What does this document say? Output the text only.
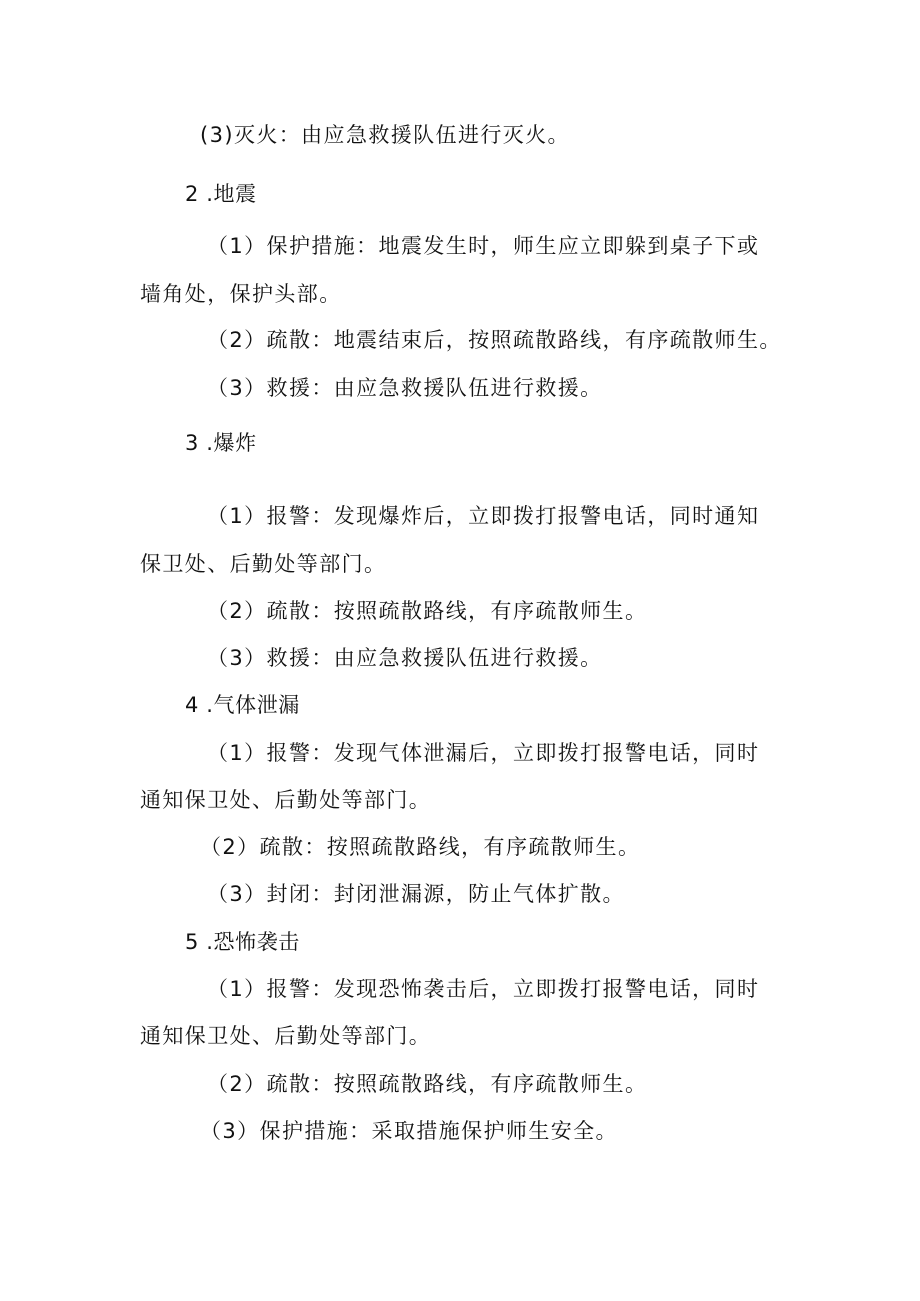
(3)灭火：由应急救援队伍进行灭火。
2 .地震
（1）保护措施：地震发生时，师生应立即躲到桌子下或
墙角处，保护头部。
（2）疏散：地震结束后，按照疏散路线，有序疏散师生。
（3）救援：由应急救援队伍进行救援。
3 .爆炸
（1）报警：发现爆炸后，立即拨打报警电话，同时通知
保卫处、后勤处等部门。
（2）疏散：按照疏散路线，有序疏散师生。
（3）救援：由应急救援队伍进行救援。
4 .气体泄漏
（1）报警：发现气体泄漏后，立即拨打报警电话，同时
通知保卫处、后勤处等部门。
（2）疏散：按照疏散路线，有序疏散师生。
（3）封闭：封闭泄漏源，防止气体扩散。
5 .恐怖袭击
（1）报警：发现恐怖袭击后，立即拨打报警电话，同时
通知保卫处、后勤处等部门。
（2）疏散：按照疏散路线，有序疏散师生。
（3）保护措施：采取措施保护师生安全。
